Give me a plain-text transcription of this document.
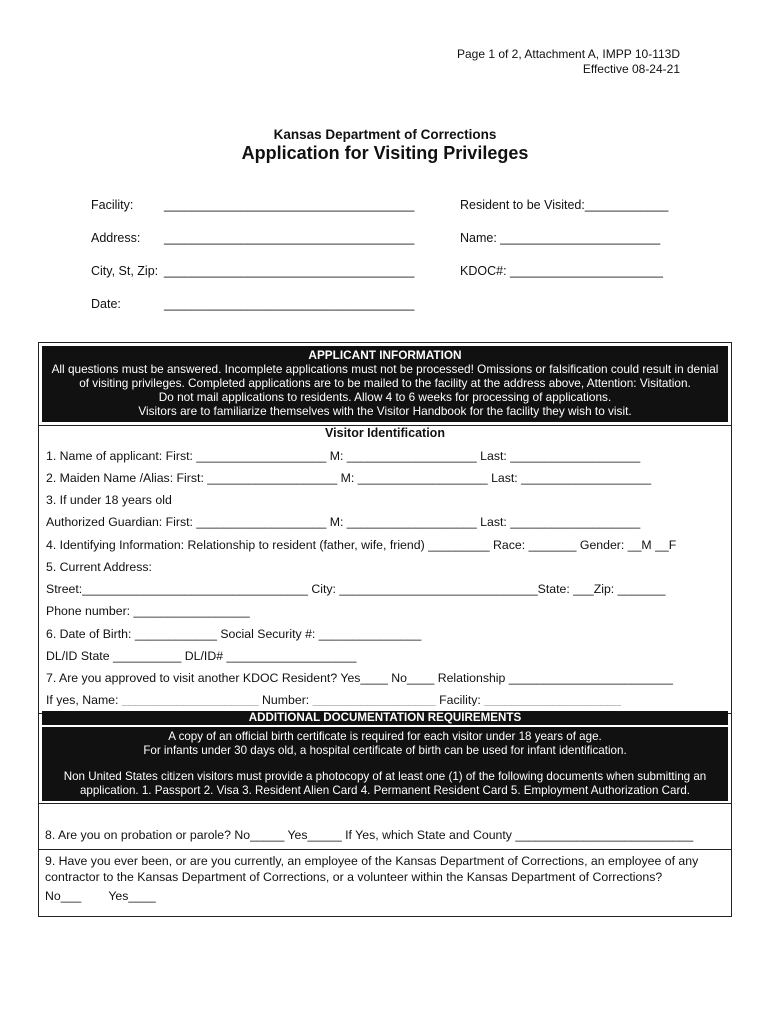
Page 1 of 2, Attachment A, IMPP 10-113D
Effective 08-24-21
Kansas Department of Corrections
Application for Visiting Privileges
Facility: ____________________________________
Address: ____________________________________
City, St, Zip: ____________________________________
Date:	____________________________________
Resident to be Visited:____________
Name: _______________________
KDOC#: ______________________
APPLICANT INFORMATION
All questions must be answered. Incomplete applications must not be processed! Omissions or falsification could result in denial
of visiting privileges. Completed applications are to be mailed to the facility at the address above, Attention: Visitation.
Do not mail applications to residents. Allow 4 to 6 weeks for processing of applications.
Visitors are to familiarize themselves with the Visitor Handbook for the facility they wish to visit.
Visitor Identification
1. Name of applicant: First: ___________________ M: ___________________ Last: ___________________
2. Maiden Name /Alias: First: ___________________ M: ___________________ Last: ___________________
3. If under 18 years old
Authorized Guardian: First: ___________________ M: ___________________ Last: ___________________
4. Identifying Information: Relationship to resident (father, wife, friend) _________ Race: _______ Gender: __M __F
5. Current Address:
Street:_________________________________ City: _____________________________State: ___Zip: _______
Phone number: _________________
6. Date of Birth: ____________ Social Security #: _______________
DL/ID State __________ DL/ID# ___________________
7. Are you approved to visit another KDOC Resident? Yes____ No____ Relationship ________________________
If yes, Name: ____________________ Number: __________________ Facility: ____________________
ADDITIONAL DOCUMENTATION REQUIREMENTS
A copy of an official birth certificate is required for each visitor under 18 years of age.
For infants under 30 days old, a hospital certificate of birth can be used for infant identification.
Non United States citizen visitors must provide a photocopy of at least one (1) of the following documents when submitting an
application. 1. Passport 2. Visa 3. Resident Alien Card 4. Permanent Resident Card 5. Employment Authorization Card.
8. Are you on probation or parole? No_____ Yes_____ If Yes, which State and County __________________________
9. Have you ever been, or are you currently, an employee of the Kansas Department of Corrections, an employee of any
contractor to the Kansas Department of Corrections, or a volunteer within the Kansas Department of Corrections?
No___        Yes____
